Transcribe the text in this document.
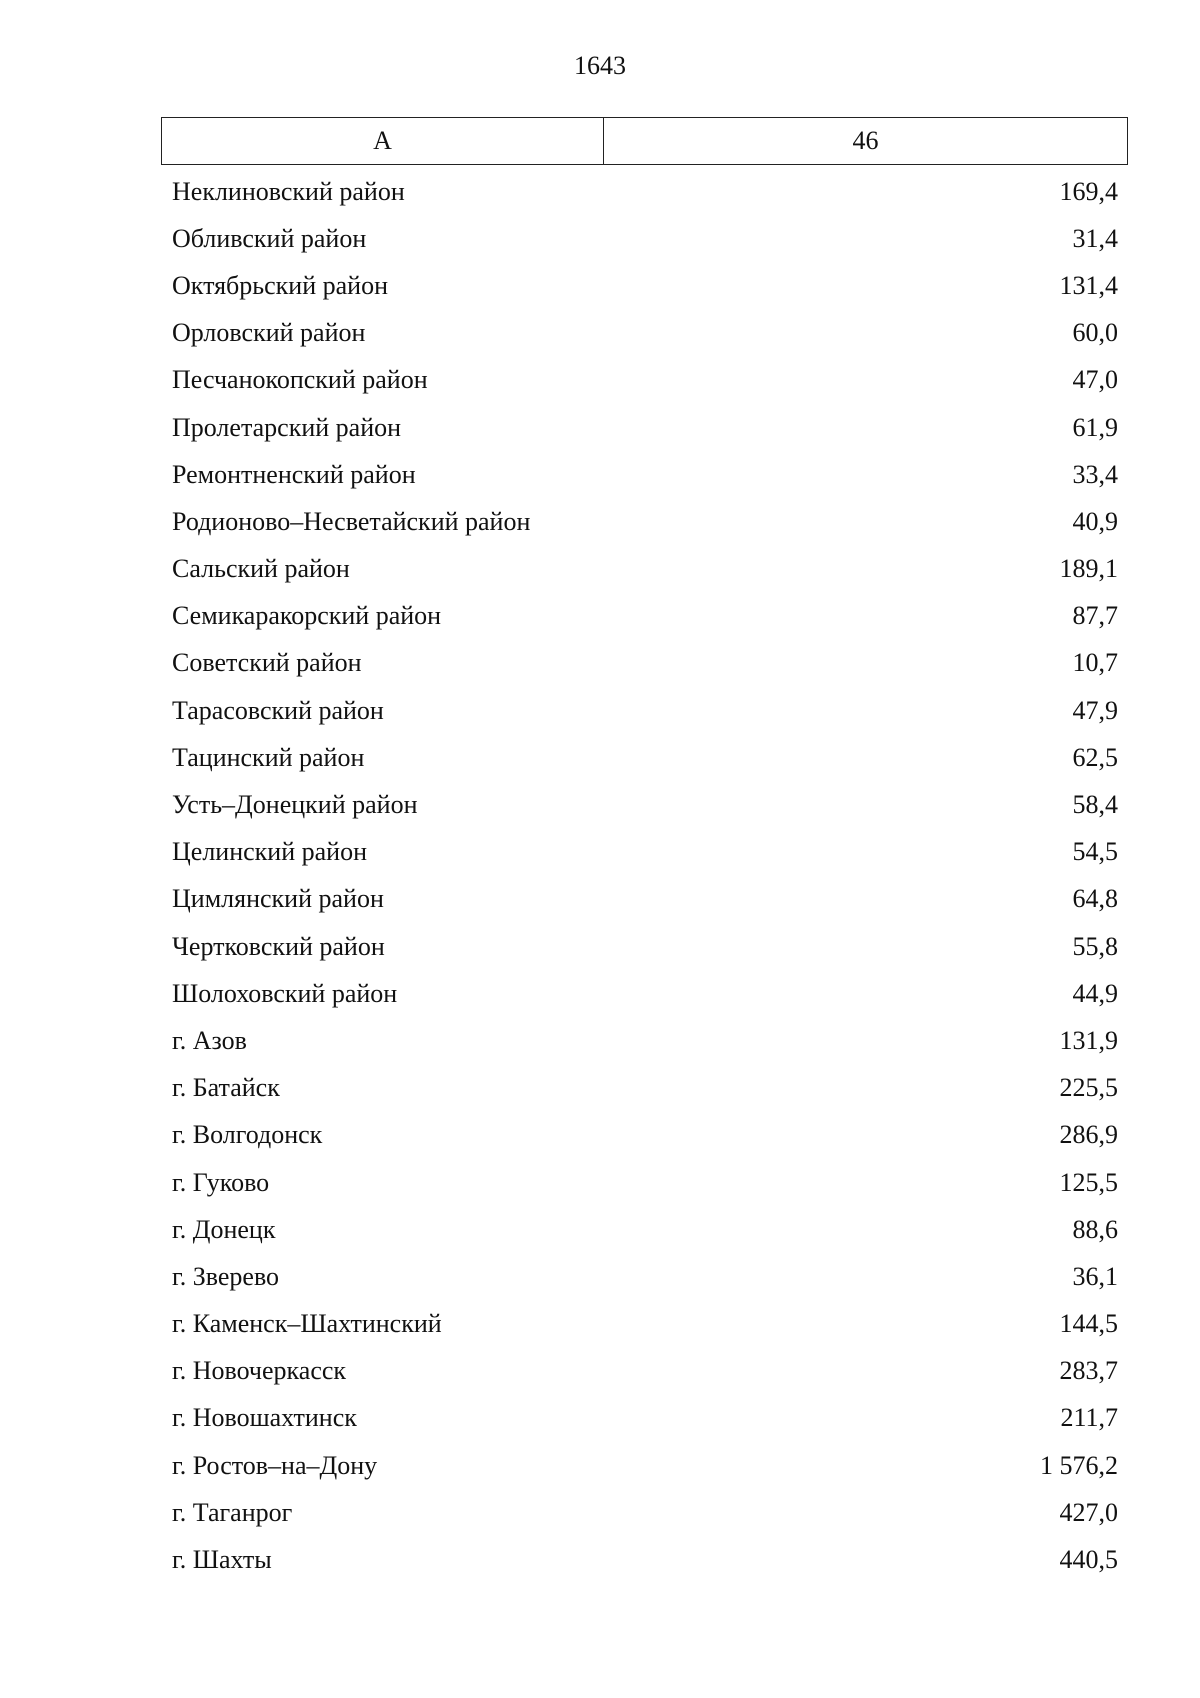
1643
А	46
Неклиновский район	169,4
Обливский район	31,4
Октябрьский район	131,4
Орловский район	60,0
Песчанокопский район	47,0
Пролетарский район	61,9
Ремонтненский район	33,4
Родионово–Несветайский район	40,9
Сальский район	189,1
Семикаракорский район	87,7
Советский район	10,7
Тарасовский район	47,9
Тацинский район	62,5
Усть–Донецкий район	58,4
Целинский район	54,5
Цимлянский район	64,8
Чертковский район	55,8
Шолоховский район	44,9
г. Азов	131,9
г. Батайск	225,5
г. Волгодонск	286,9
г. Гуково	125,5
г. Донецк	88,6
г. Зверево	36,1
г. Каменск–Шахтинский	144,5
г. Новочеркасск	283,7
г. Новошахтинск	211,7
г. Ростов–на–Дону	1 576,2
г. Таганрог	427,0
г. Шахты	440,5
